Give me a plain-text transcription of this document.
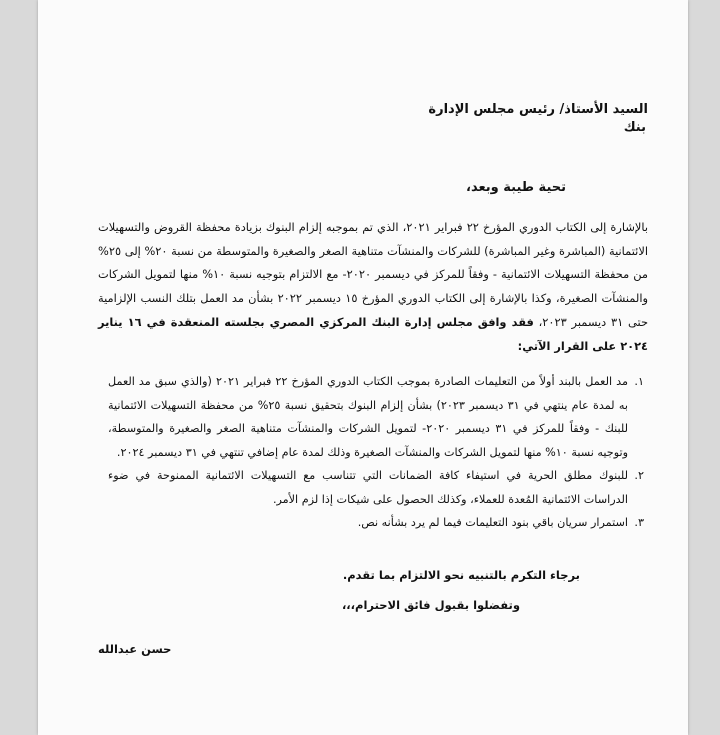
السيد الأستاذ/ رئيس مجلس الإدارة
بنك
تحية طيبة وبعد،
بالإشارة إلى الكتاب الدوري المؤرخ ٢٢ فبراير ٢٠٢١، الذي تم بموجبه إلزام البنوك بزيادة محفظة القروض والتسهيلات الائتمانية (المباشرة وغير المباشرة) للشركات والمنشآت متناهية الصغر والصغيرة والمتوسطة من نسبة ٢٠% إلى ٢٥% من محفظة التسهيلات الائتمانية - وفقاً للمركز في ديسمبر ٢٠٢٠- مع الالتزام بتوجيه نسبة ١٠% منها لتمويل الشركات والمنشآت الصغيرة، وكذا بالإشارة إلى الكتاب الدوري المؤرخ ١٥ ديسمبر ٢٠٢٢ بشأن مد العمل بتلك النسب الإلزامية حتى ٣١ ديسمبر ٢٠٢٣، فقد وافق مجلس إدارة البنك المركزي المصري بجلسته المنعقدة في ١٦ يناير ٢٠٢٤ على القرار الآتي:
١.
مد العمل بالبند أولاً من التعليمات الصادرة بموجب الكتاب الدوري المؤرخ ٢٢ فبراير ٢٠٢١ (والذي سبق مد العمل به لمدة عام ينتهي في ٣١ ديسمبر ٢٠٢٣) بشأن إلزام البنوك بتحقيق نسبة ٢٥% من محفظة التسهيلات الائتمانية للبنك - وفقاً للمركز في ٣١ ديسمبر ٢٠٢٠- لتمويل الشركات والمنشآت متناهية الصغر والصغيرة والمتوسطة، وتوجيه نسبة ١٠% منها لتمويل الشركات والمنشآت الصغيرة وذلك لمدة عام إضافي تنتهي في ٣١ ديسمبر ٢٠٢٤.
٢.
للبنوك مطلق الحرية في استيفاء كافة الضمانات التي تتناسب مع التسهيلات الائتمانية الممنوحة في ضوء الدراسات الائتمانية المُعدة للعملاء، وكذلك الحصول على شيكات إذا لزم الأمر.
٣.
استمرار سريان باقي بنود التعليمات فيما لم يرد بشأنه نص.
برجاء التكرم بالتنبيه نحو الالتزام بما تقدم.
وتفضلوا بقبول فائق الاحترام،،،
حسن عبدالله
